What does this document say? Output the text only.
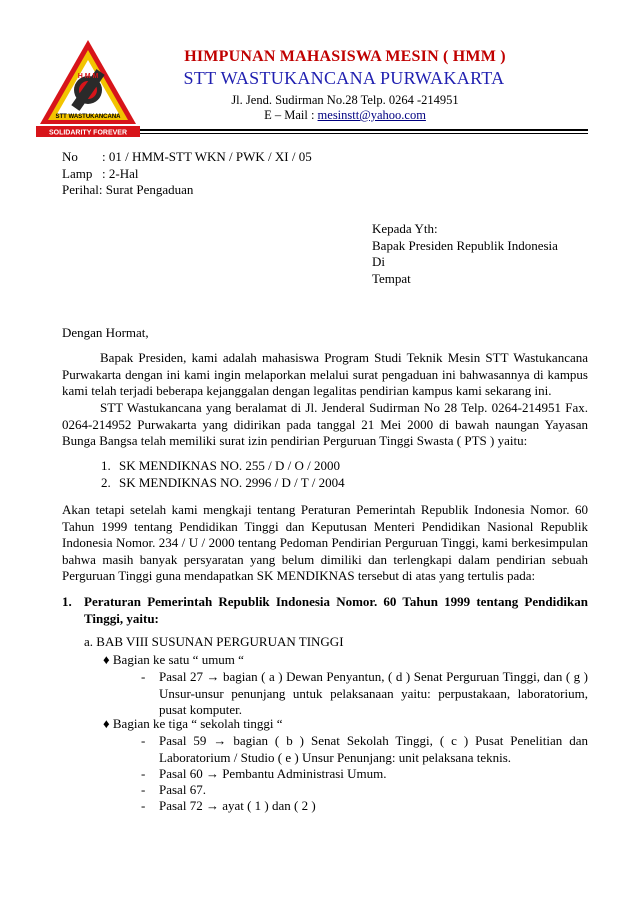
H M M
STT WASTUKANCANA
SOLIDARITY FOREVER
HIMPUNAN MAHASISWA MESIN ( HMM )
STT WASTUKANCANA PURWAKARTA
Jl. Jend. Sudirman No.28 Telp. 0264 -214951
E – Mail : mesinstt@yahoo.com
No	: 01 / HMM-STT WKN / PWK / XI / 05
Lamp : 2-Hal
Perihal : Surat Pengaduan
Kepada Yth:
Bapak Presiden Republik Indonesia
Di
Tempat
Dengan Hormat,
Bapak Presiden, kami adalah mahasiswa Program Studi Teknik Mesin STT Wastukancana Purwakarta dengan ini kami ingin melaporkan melalui surat pengaduan ini bahwasannya di kampus kami telah terjadi beberapa kejanggalan dengan legalitas pendirian kampus kami sekarang ini.
STT Wastukancana yang beralamat di Jl. Jenderal Sudirman No 28 Telp. 0264-214951 Fax. 0264-214952 Purwakarta yang didirikan pada tanggal 21 Mei 2000 di bawah naungan Yayasan Bunga Bangsa telah memiliki surat izin pendirian Perguruan Tinggi Swasta ( PTS ) yaitu:
1. SK MENDIKNAS NO. 255 / D / O / 2000
2. SK MENDIKNAS NO. 2996 / D / T / 2004
Akan tetapi setelah kami mengkaji tentang Peraturan Pemerintah Republik Indonesia Nomor. 60 Tahun 1999 tentang Pendidikan Tinggi dan Keputusan Menteri Pendidikan Nasional Republik Indonesia Nomor. 234 / U / 2000 tentang Pedoman Pendirian Perguruan Tinggi, kami berkesimpulan bahwa masih banyak persyaratan yang belum dimiliki dan terlengkapi dalam pendirian sebuah Perguruan Tinggi guna mendapatkan SK MENDIKNAS tersebut di atas yang tertulis pada:
1. Peraturan Pemerintah Republik Indonesia Nomor. 60 Tahun 1999 tentang Pendidikan Tinggi, yaitu:
a. BAB VIII SUSUNAN PERGURUAN TINGGI
♦ Bagian ke satu “ umum “
- Pasal 27 → bagian ( a ) Dewan Penyantun, ( d ) Senat Perguruan Tinggi, dan ( g ) Unsur-unsur penunjang untuk pelaksanaan yaitu: perpustakaan, laboratorium, pusat komputer.
♦ Bagian ke tiga “ sekolah tinggi “
- Pasal 59 → bagian ( b ) Senat Sekolah Tinggi, ( c ) Pusat Penelitian dan Laboratorium / Studio ( e ) Unsur Penunjang: unit pelaksana teknis.
- Pasal 60 → Pembantu Administrasi Umum.
- Pasal 67.
- Pasal 72 → ayat ( 1 ) dan ( 2 )
